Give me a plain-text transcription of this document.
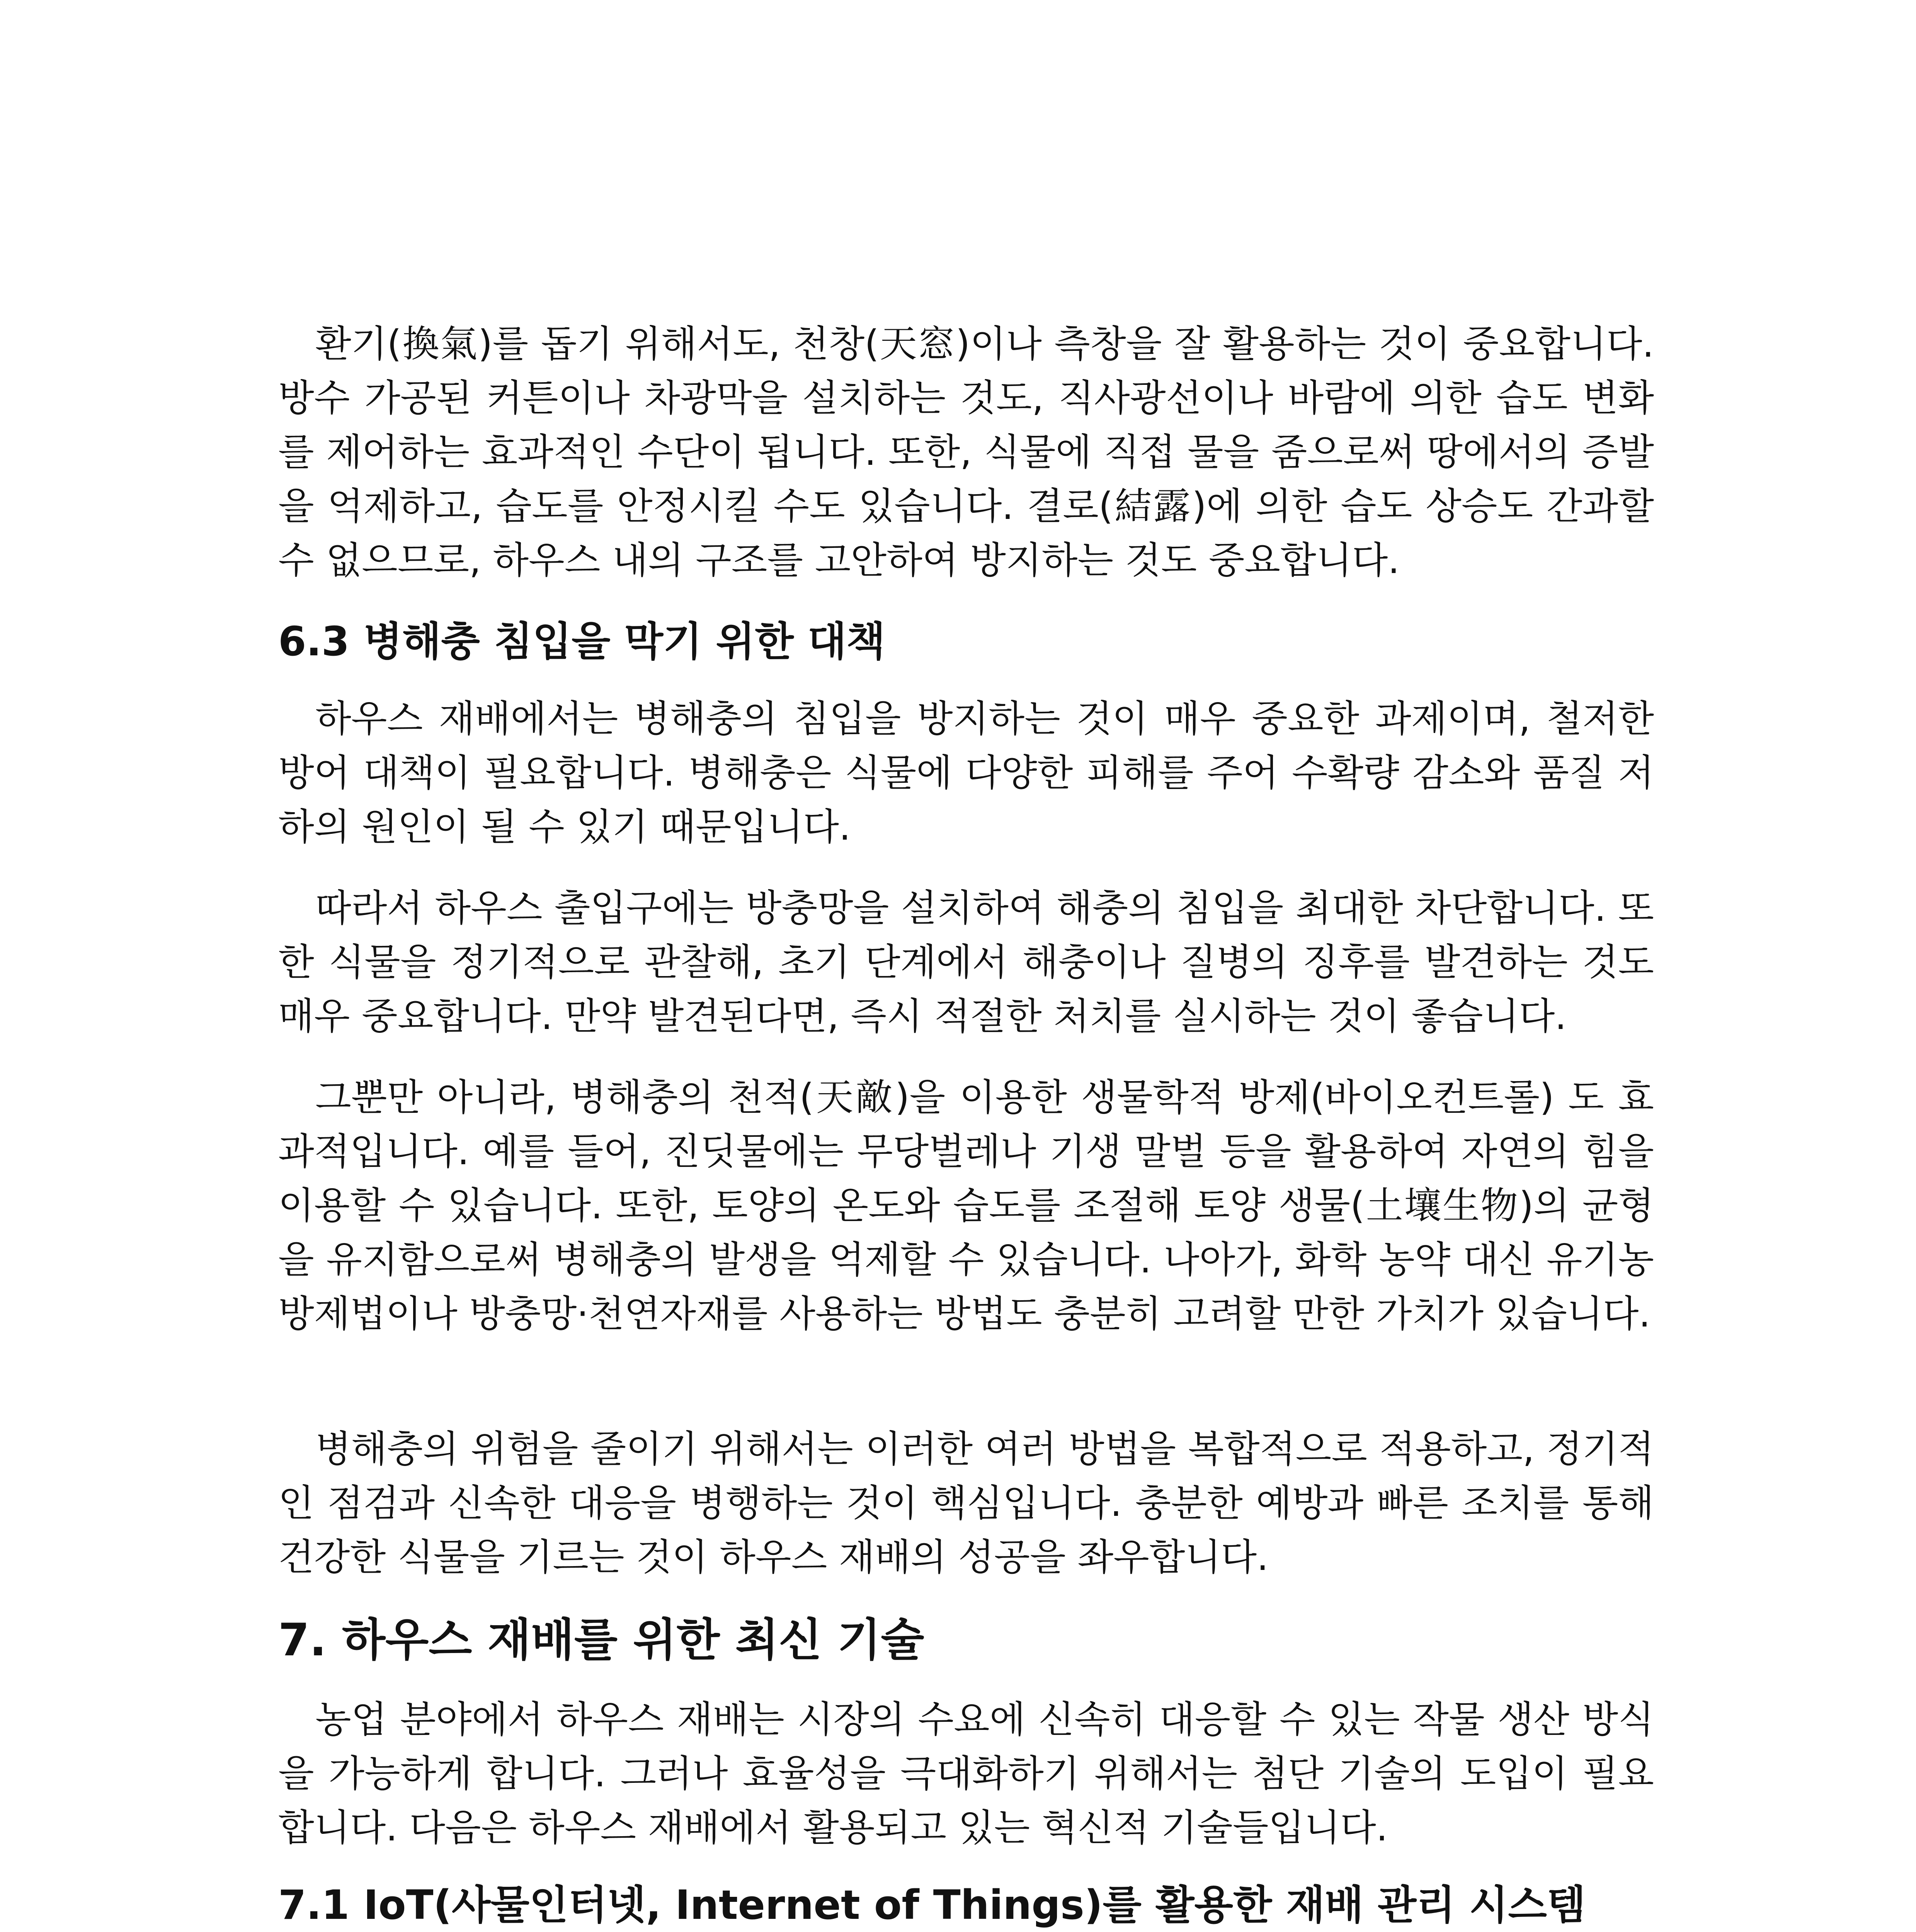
환기(換氣)를 돕기 위해서도, 천창(天窓)이나 측창을 잘 활용하는 것이 중요합니다. 방수 가공된 커튼이나 차광막을 설치하는 것도, 직사광선이나 바람에 의한 습도 변화를 제어하는 효과적인 수단이 됩니다. 또한, 식물에 직접 물을 줌으로써 땅에서의 증발을 억제하고, 습도를 안정시킬 수도 있습니다. 결로(結露)에 의한 습도 상승도 간과할 수 없으므로, 하우스 내의 구조를 고안하여 방지하는 것도 중요합니다.

6.3 병해충 침입을 막기 위한 대책

하우스 재배에서는 병해충의 침입을 방지하는 것이 매우 중요한 과제이며, 철저한 방어 대책이 필요합니다. 병해충은 식물에 다양한 피해를 주어 수확량 감소와 품질 저하의 원인이 될 수 있기 때문입니다.

따라서 하우스 출입구에는 방충망을 설치하여 해충의 침입을 최대한 차단합니다. 또한 식물을 정기적으로 관찰해, 초기 단계에서 해충이나 질병의 징후를 발견하는 것도 매우 중요합니다. 만약 발견된다면, 즉시 적절한 처치를 실시하는 것이 좋습니다.

그뿐만 아니라, 병해충의 천적(天敵)을 이용한 생물학적 방제(바이오컨트롤) 도 효과적입니다. 예를 들어, 진딧물에는 무당벌레나 기생 말벌 등을 활용하여 자연의 힘을 이용할 수 있습니다. 또한, 토양의 온도와 습도를 조절해 토양 생물(土壤生物)의 균형을 유지함으로써 병해충의 발생을 억제할 수 있습니다. 나아가, 화학 농약 대신 유기농 방제법이나 방충망·천연자재를 사용하는 방법도 충분히 고려할 만한 가치가 있습니다.

병해충의 위험을 줄이기 위해서는 이러한 여러 방법을 복합적으로 적용하고, 정기적인 점검과 신속한 대응을 병행하는 것이 핵심입니다. 충분한 예방과 빠른 조치를 통해 건강한 식물을 기르는 것이 하우스 재배의 성공을 좌우합니다.

7. 하우스 재배를 위한 최신 기술

농업 분야에서 하우스 재배는 시장의 수요에 신속히 대응할 수 있는 작물 생산 방식을 가능하게 합니다. 그러나 효율성을 극대화하기 위해서는 첨단 기술의 도입이 필요합니다. 다음은 하우스 재배에서 활용되고 있는 혁신적 기술들입니다.

7.1 IoT(사물인터넷, Internet of Things)를 활용한 재배 관리 시스템
